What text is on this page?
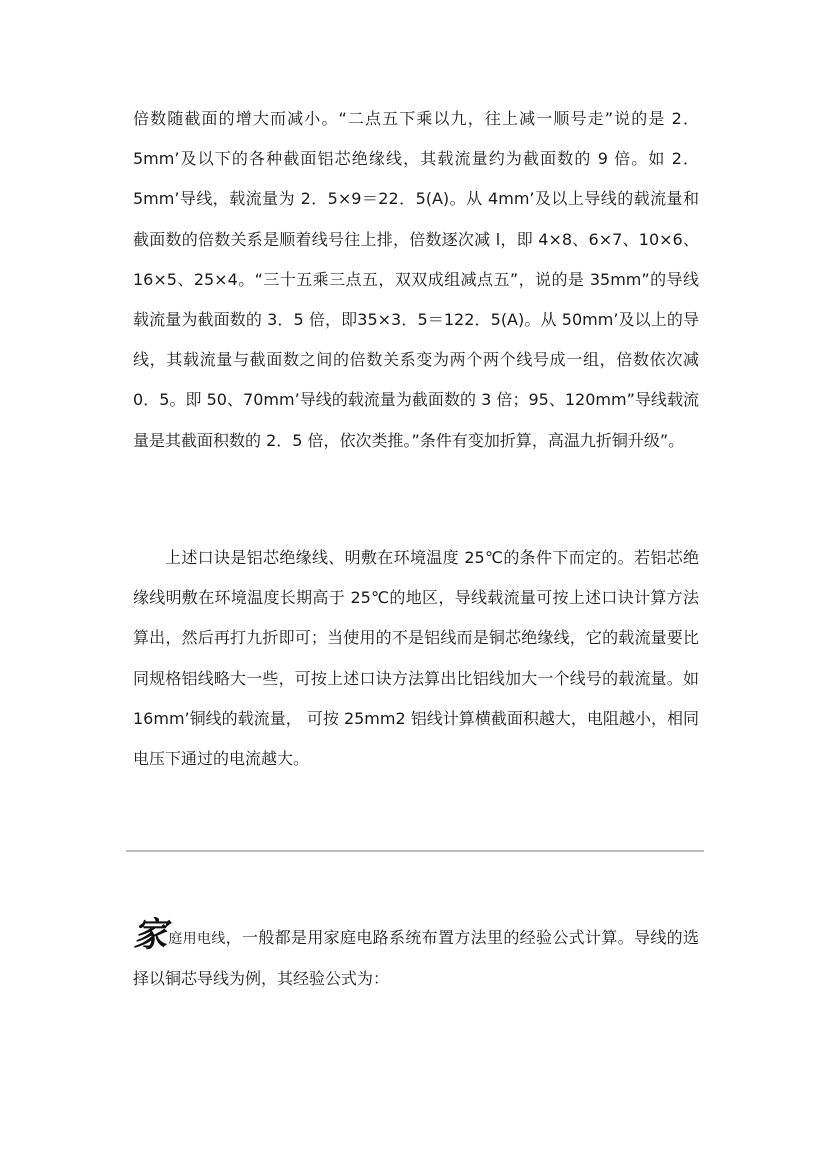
倍数随截面的增大而减小。“二点五下乘以九，往上减一顺号走”说的是 2．5mm’及以下的各种截面铝芯绝缘线，其载流量约为截面数的 9 倍。如 2．5mm’导线，载流量为 2．5×9＝22．5(A)。从 4mm’及以上导线的载流量和截面数的倍数关系是顺着线号往上排，倍数逐次减 l，即 4×8、6×7、10×6、16×5、25×4。“三十五乘三点五，双双成组减点五”，说的是 35mm”的导线载流量为截面数的 3．5 倍，即35×3．5＝122．5(A)。从 50mm’及以上的导线，其载流量与截面数之间的倍数关系变为两个两个线号成一组，倍数依次减 0．5。即 50、70mm’导线的载流量为截面数的 3 倍；95、120mm”导线载流量是其截面积数的 2．5 倍，依次类推。”条件有变加折算，高温九折铜升级”。

上述口诀是铝芯绝缘线、明敷在环境温度 25℃的条件下而定的。若铝芯绝缘线明敷在环境温度长期高于 25℃的地区，导线载流量可按上述口诀计算方法算出，然后再打九折即可；当使用的不是铝线而是铜芯绝缘线，它的载流量要比同规格铝线略大一些，可按上述口诀方法算出比铝线加大一个线号的载流量。如 16mm’铜线的载流量， 可按 25mm2 铝线计算横截面积越大，电阻越小，相同电压下通过的电流越大。

家庭用电线，一般都是用家庭电路系统布置方法里的经验公式计算。导线的选择以铜芯导线为例，其经验公式为：
